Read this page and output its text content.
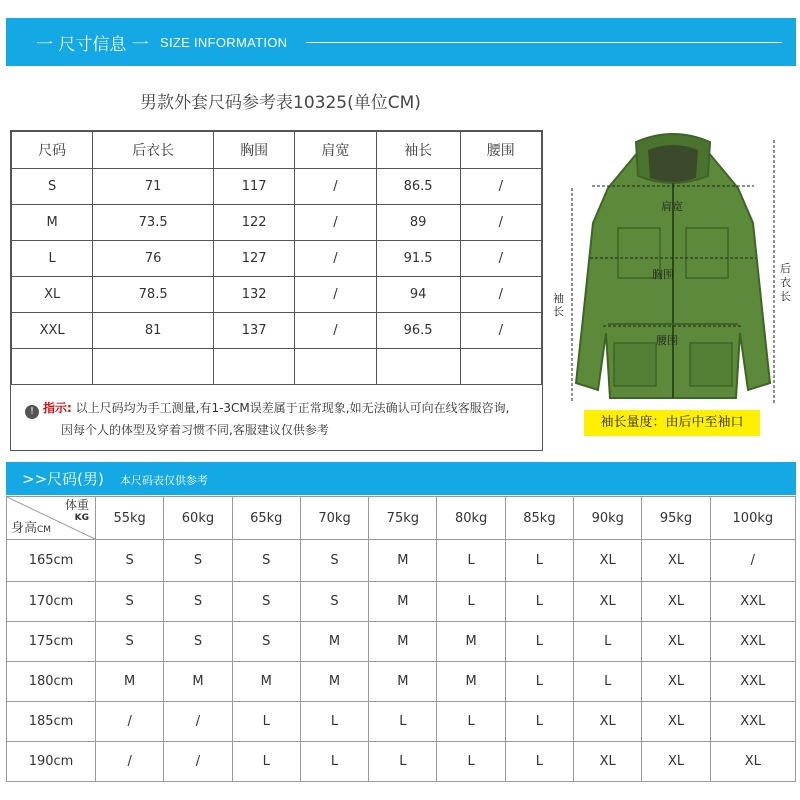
一 尺寸信息 一 SIZE INFORMATION
男款外套尺码参考表10325(单位CM)
尺码	后衣长	胸围	肩宽	袖长	腰围
S	71	117	/	86.5	/
M	73.5	122	/	89	/
L	76	127	/	91.5	/
XL	78.5	132	/	94	/
XXL	81	137	/	96.5	/

! 指示: 以上尺码均为手工测量,有1-3CM误差属于正常现象,如无法确认可向在线客服咨询,
因每个人的体型及穿着习惯不同,客服建议仅供参考
肩宽
胸围
腰围
袖长
后衣长
袖长量度：由后中至袖口
>>尺码(男) 本尺码表仅供参考
体重
KG
身高CM	55kg	60kg	65kg	70kg	75kg	80kg	85kg	90kg	95kg	100kg
165cm	S	S	S	S	M	L	L	XL	XL	/
170cm	S	S	S	S	M	L	L	XL	XL	XXL
175cm	S	S	S	M	M	M	L	L	XL	XXL
180cm	M	M	M	M	M	M	L	L	XL	XXL
185cm	/	/	L	L	L	L	L	XL	XL	XXL
190cm	/	/	L	L	L	L	L	XL	XL	XL
